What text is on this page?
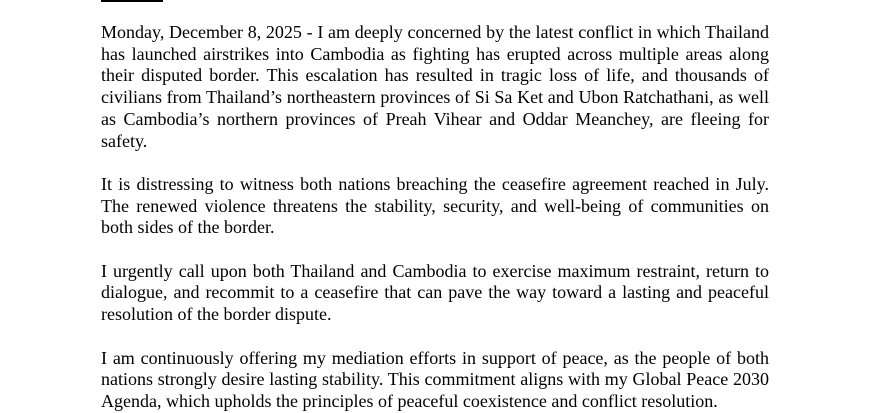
Monday, December 8, 2025 - I am deeply concerned by the latest conflict in which Thailand has launched airstrikes into Cambodia as fighting has erupted across multiple areas along their disputed border. This escalation has resulted in tragic loss of life, and thousands of civilians from Thailand’s northeastern provinces of Si Sa Ket and Ubon Ratchathani, as well as Cambodia’s northern provinces of Preah Vihear and Oddar Meanchey, are fleeing for safety.

It is distressing to witness both nations breaching the ceasefire agreement reached in July. The renewed violence threatens the stability, security, and well-being of communities on both sides of the border.

I urgently call upon both Thailand and Cambodia to exercise maximum restraint, return to dialogue, and recommit to a ceasefire that can pave the way toward a lasting and peaceful resolution of the border dispute.

I am continuously offering my mediation efforts in support of peace, as the people of both nations strongly desire lasting stability. This commitment aligns with my Global Peace 2030 Agenda, which upholds the principles of peaceful coexistence and conflict resolution.
